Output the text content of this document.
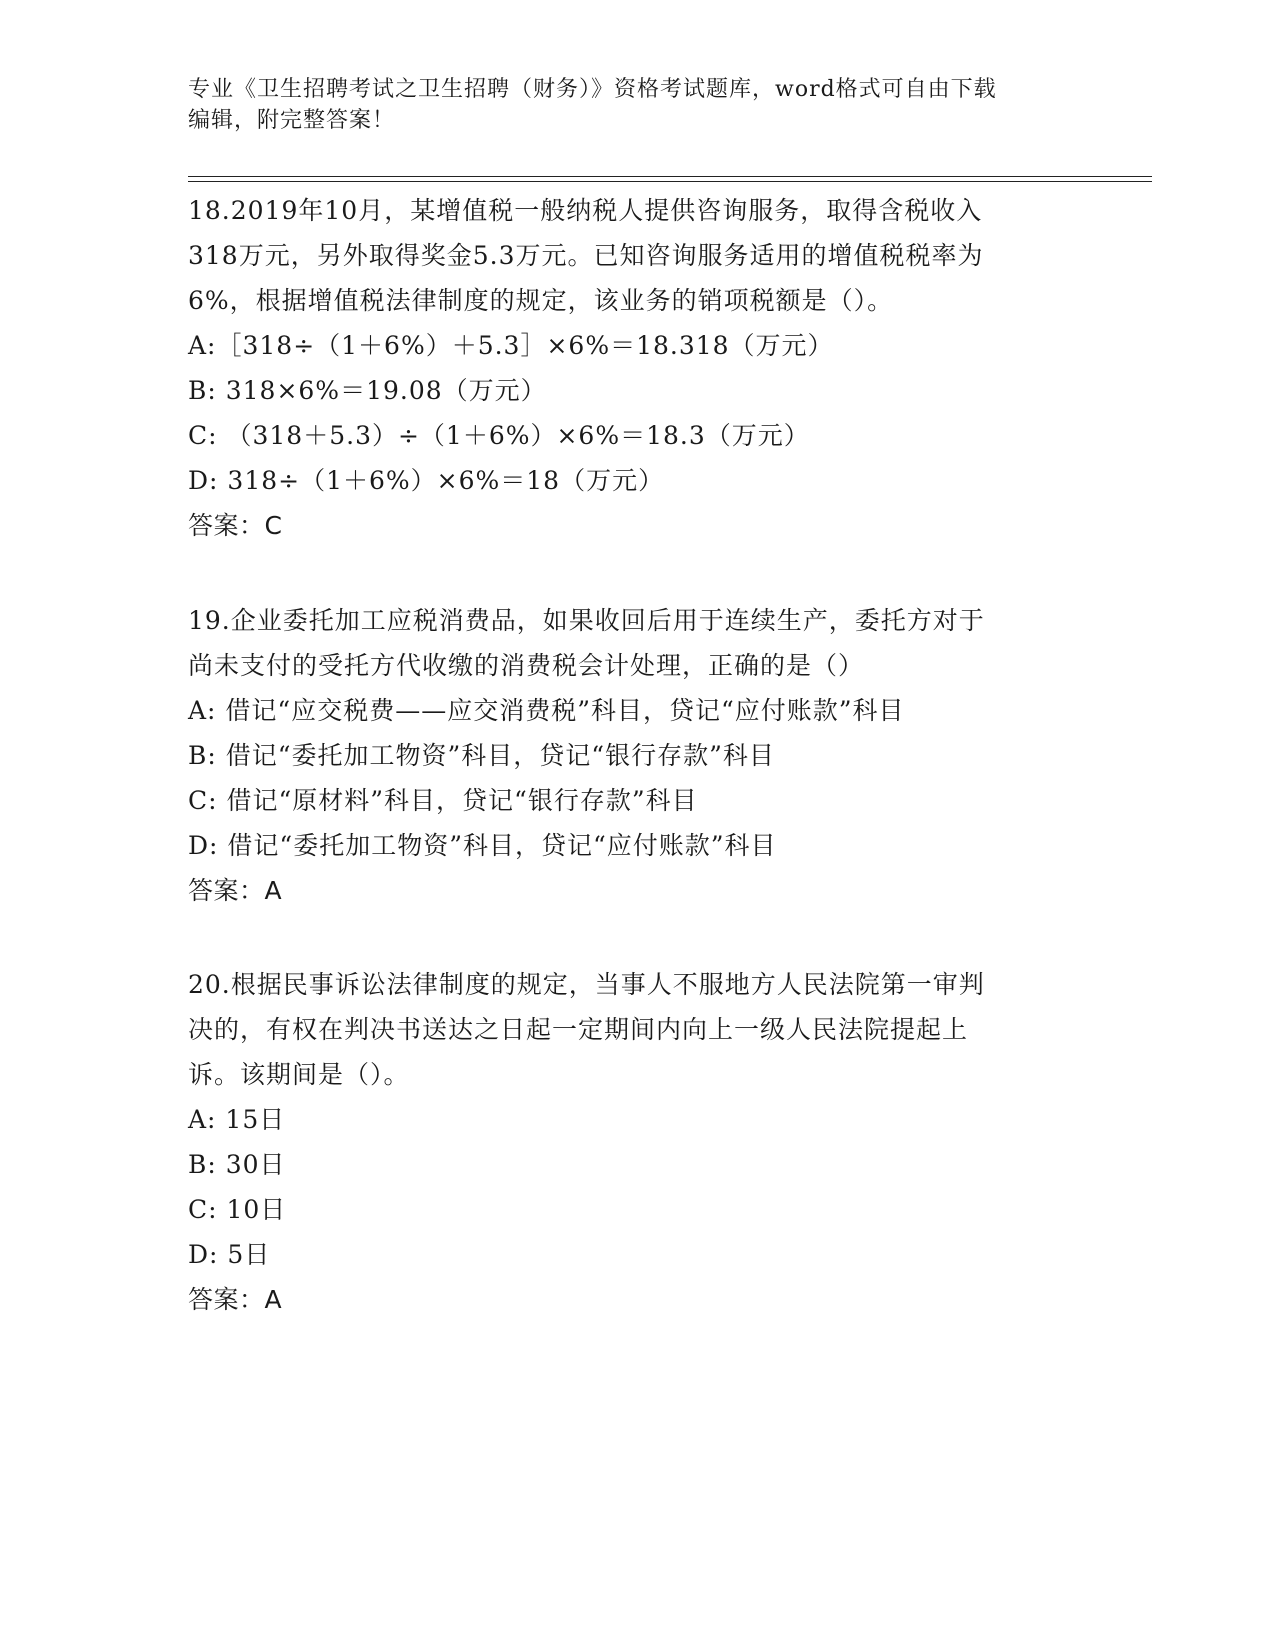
专业《卫生招聘考试之卫生招聘（财务）》资格考试题库，word格式可自由下载
编辑，附完整答案！
18.2019年10月，某增值税一般纳税人提供咨询服务，取得含税收入
318万元，另外取得奖金5.3万元。已知咨询服务适用的增值税税率为
6%，根据增值税法律制度的规定，该业务的销项税额是（）。
A:［318÷（1＋6%）＋5.3］×6%＝18.318（万元）
B: 318×6%＝19.08（万元）
C: （318＋5.3）÷（1＋6%）×6%＝18.3（万元）
D: 318÷（1＋6%）×6%＝18（万元）
答案：C
19.企业委托加工应税消费品，如果收回后用于连续生产，委托方对于
尚未支付的受托方代收缴的消费税会计处理，正确的是（）
A: 借记“应交税费——应交消费税”科目，贷记“应付账款”科目
B: 借记“委托加工物资”科目，贷记“银行存款”科目
C: 借记“原材料”科目，贷记“银行存款”科目
D: 借记“委托加工物资”科目，贷记“应付账款”科目
答案：A
20.根据民事诉讼法律制度的规定，当事人不服地方人民法院第一审判
决的，有权在判决书送达之日起一定期间内向上一级人民法院提起上
诉。该期间是（）。
A: 15日
B: 30日
C: 10日
D: 5日
答案：A
